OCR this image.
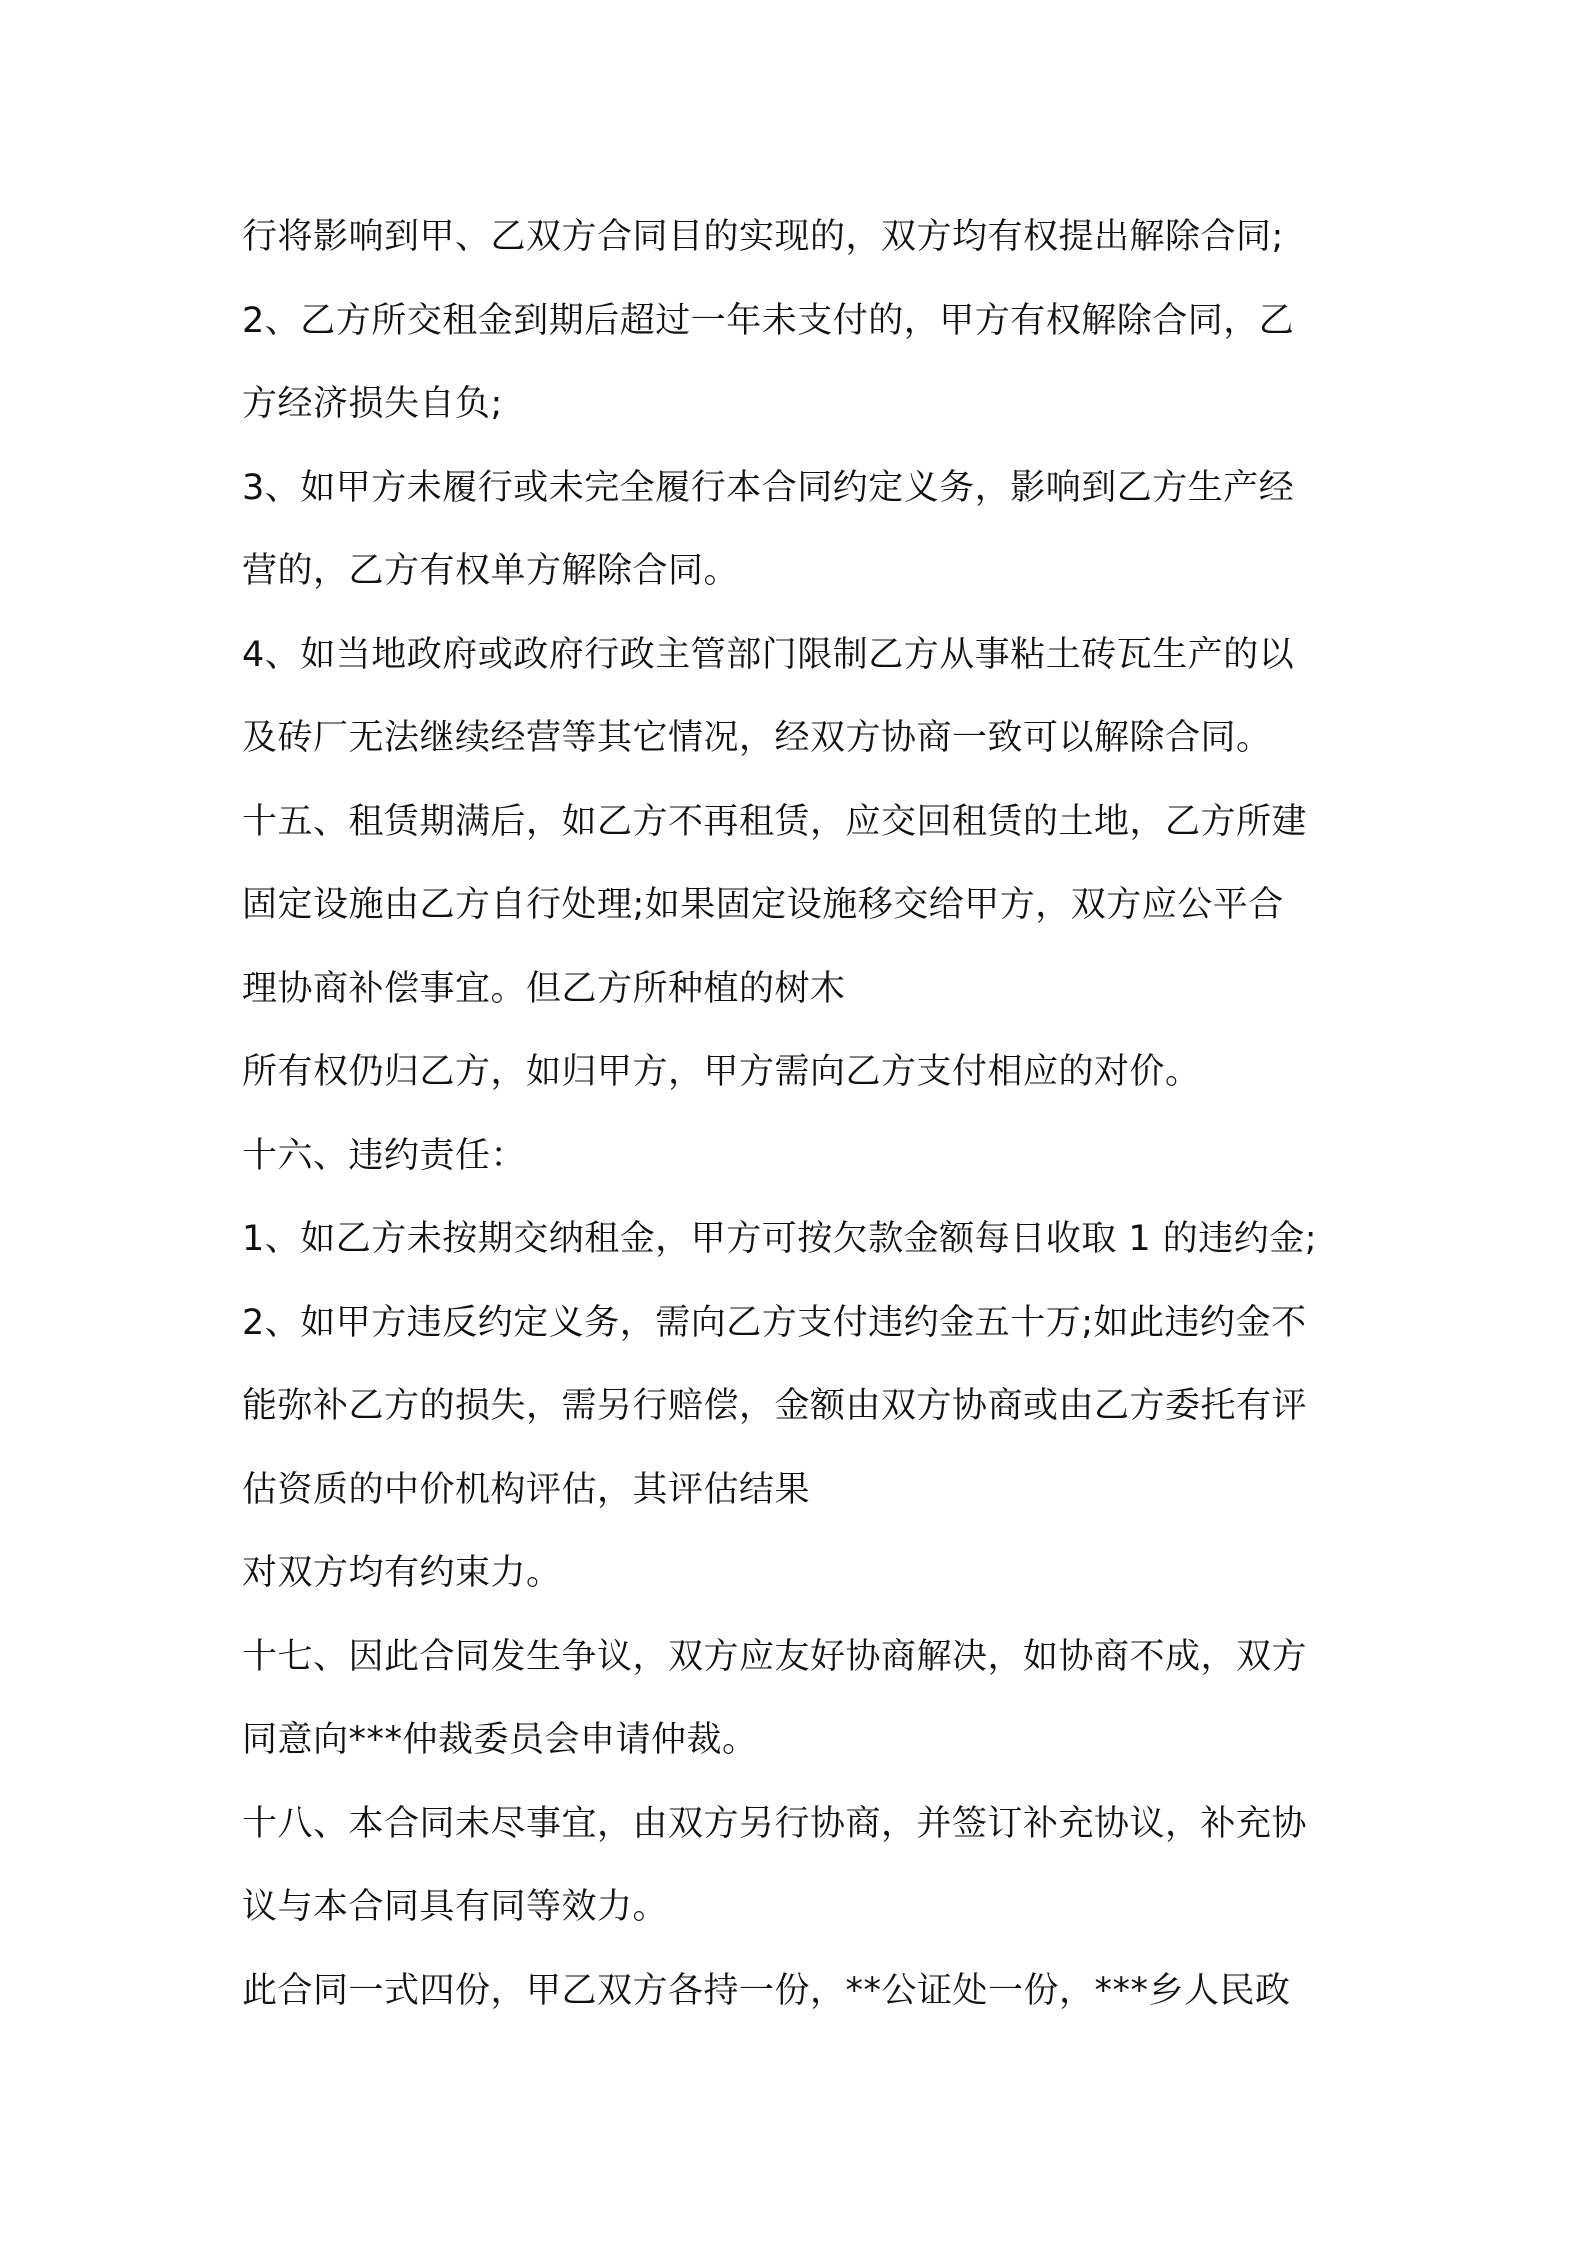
行将影响到甲、乙双方合同目的实现的，双方均有权提出解除合同;
2、乙方所交租金到期后超过一年未支付的，甲方有权解除合同，乙
方经济损失自负;
3、如甲方未履行或未完全履行本合同约定义务，影响到乙方生产经
营的，乙方有权单方解除合同。
4、如当地政府或政府行政主管部门限制乙方从事粘土砖瓦生产的以
及砖厂无法继续经营等其它情况，经双方协商一致可以解除合同。
十五、租赁期满后，如乙方不再租赁，应交回租赁的土地，乙方所建
固定设施由乙方自行处理;如果固定设施移交给甲方，双方应公平合
理协商补偿事宜。但乙方所种植的树木
所有权仍归乙方，如归甲方，甲方需向乙方支付相应的对价。
十六、违约责任：
1、如乙方未按期交纳租金，甲方可按欠款金额每日收取 1 的违约金;
2、如甲方违反约定义务，需向乙方支付违约金五十万;如此违约金不
能弥补乙方的损失，需另行赔偿，金额由双方协商或由乙方委托有评
估资质的中价机构评估，其评估结果
对双方均有约束力。
十七、因此合同发生争议，双方应友好协商解决，如协商不成，双方
同意向***仲裁委员会申请仲裁。
十八、本合同未尽事宜，由双方另行协商，并签订补充协议，补充协
议与本合同具有同等效力。
此合同一式四份，甲乙双方各持一份，**公证处一份，***乡人民政
